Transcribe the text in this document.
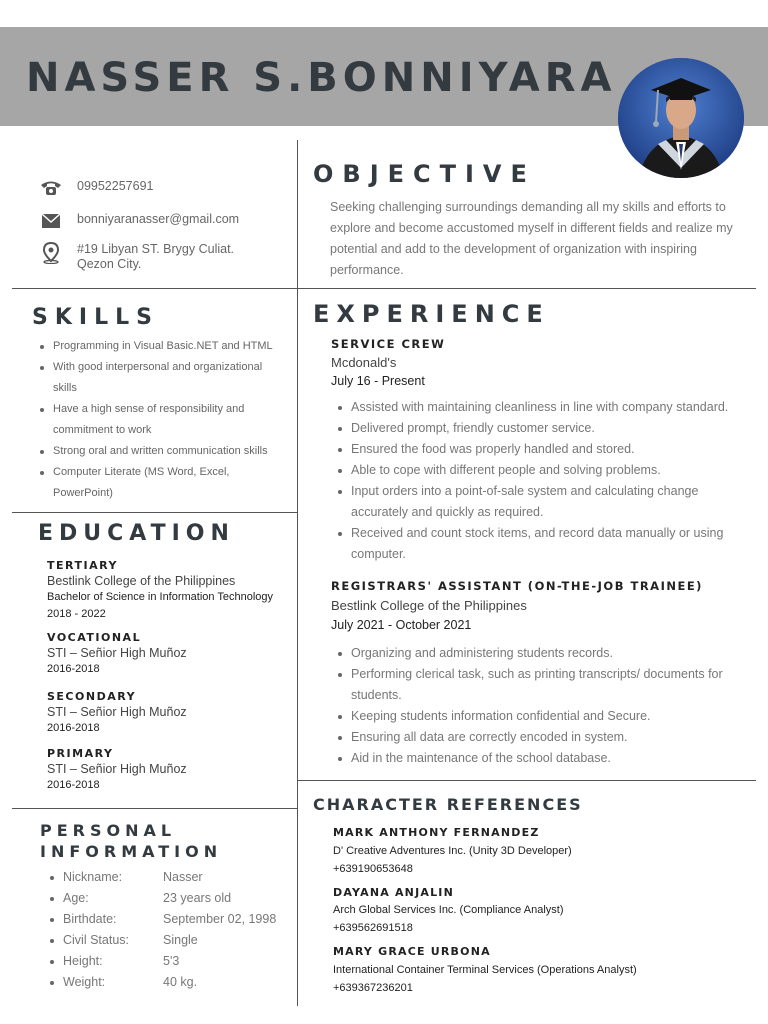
NASSER S.BONNIYARA
09952257691
bonniyaranasser@gmail.com
#19 Libyan ST. Brygy Culiat.
Qezon City.
OBJECTIVE
Seeking challenging surroundings demanding all my skills and efforts to explore and become accustomed myself in different fields and realize my potential and add to the development of organization with inspiring performance.
SKILLS
Programming in Visual Basic.NET and HTML
With good interpersonal and organizational skills
Have a high sense of responsibility and commitment to work
Strong oral and written communication skills
Computer Literate (MS Word, Excel, PowerPoint)
EDUCATION
TERTIARY
Bestlink College of the Philippines
Bachelor of Science in Information Technology
2018 - 2022
VOCATIONAL
STI – Señior High Muñoz
2016-2018
SECONDARY
STI – Señior High Muñoz
2016-2018
PRIMARY
STI – Señior High Muñoz
2016-2018
PERSONAL
INFORMATION
Nickname:	Nasser
Age:	23 years old
Birthdate:	September 02, 1998
Civil Status:	Single
Height:	5'3
Weight:	40 kg.
EXPERIENCE
SERVICE CREW
Mcdonald's
July 16 - Present
Assisted with maintaining cleanliness in line with company standard.
Delivered prompt, friendly customer service.
Ensured the food was properly handled and stored.
Able to cope with different people and solving problems.
Input orders into a point-of-sale system and calculating change accurately and quickly as required.
Received and count stock items, and record data manually or using computer.
REGISTRARS' ASSISTANT (ON-THE-JOB TRAINEE)
Bestlink College of the Philippines
July 2021 - October 2021
Organizing and administering students records.
Performing clerical task, such as printing transcripts/ documents for students.
Keeping students information confidential and Secure.
Ensuring all data are correctly encoded in system.
Aid in the maintenance of the school database.
CHARACTER REFERENCES
MARK ANTHONY FERNANDEZ
D' Creative Adventures Inc. (Unity 3D Developer)
+639190653648
DAYANA ANJALIN
Arch Global Services Inc. (Compliance Analyst)
+639562691518
MARY GRACE URBONA
International Container Terminal Services (Operations Analyst)
+639367236201
